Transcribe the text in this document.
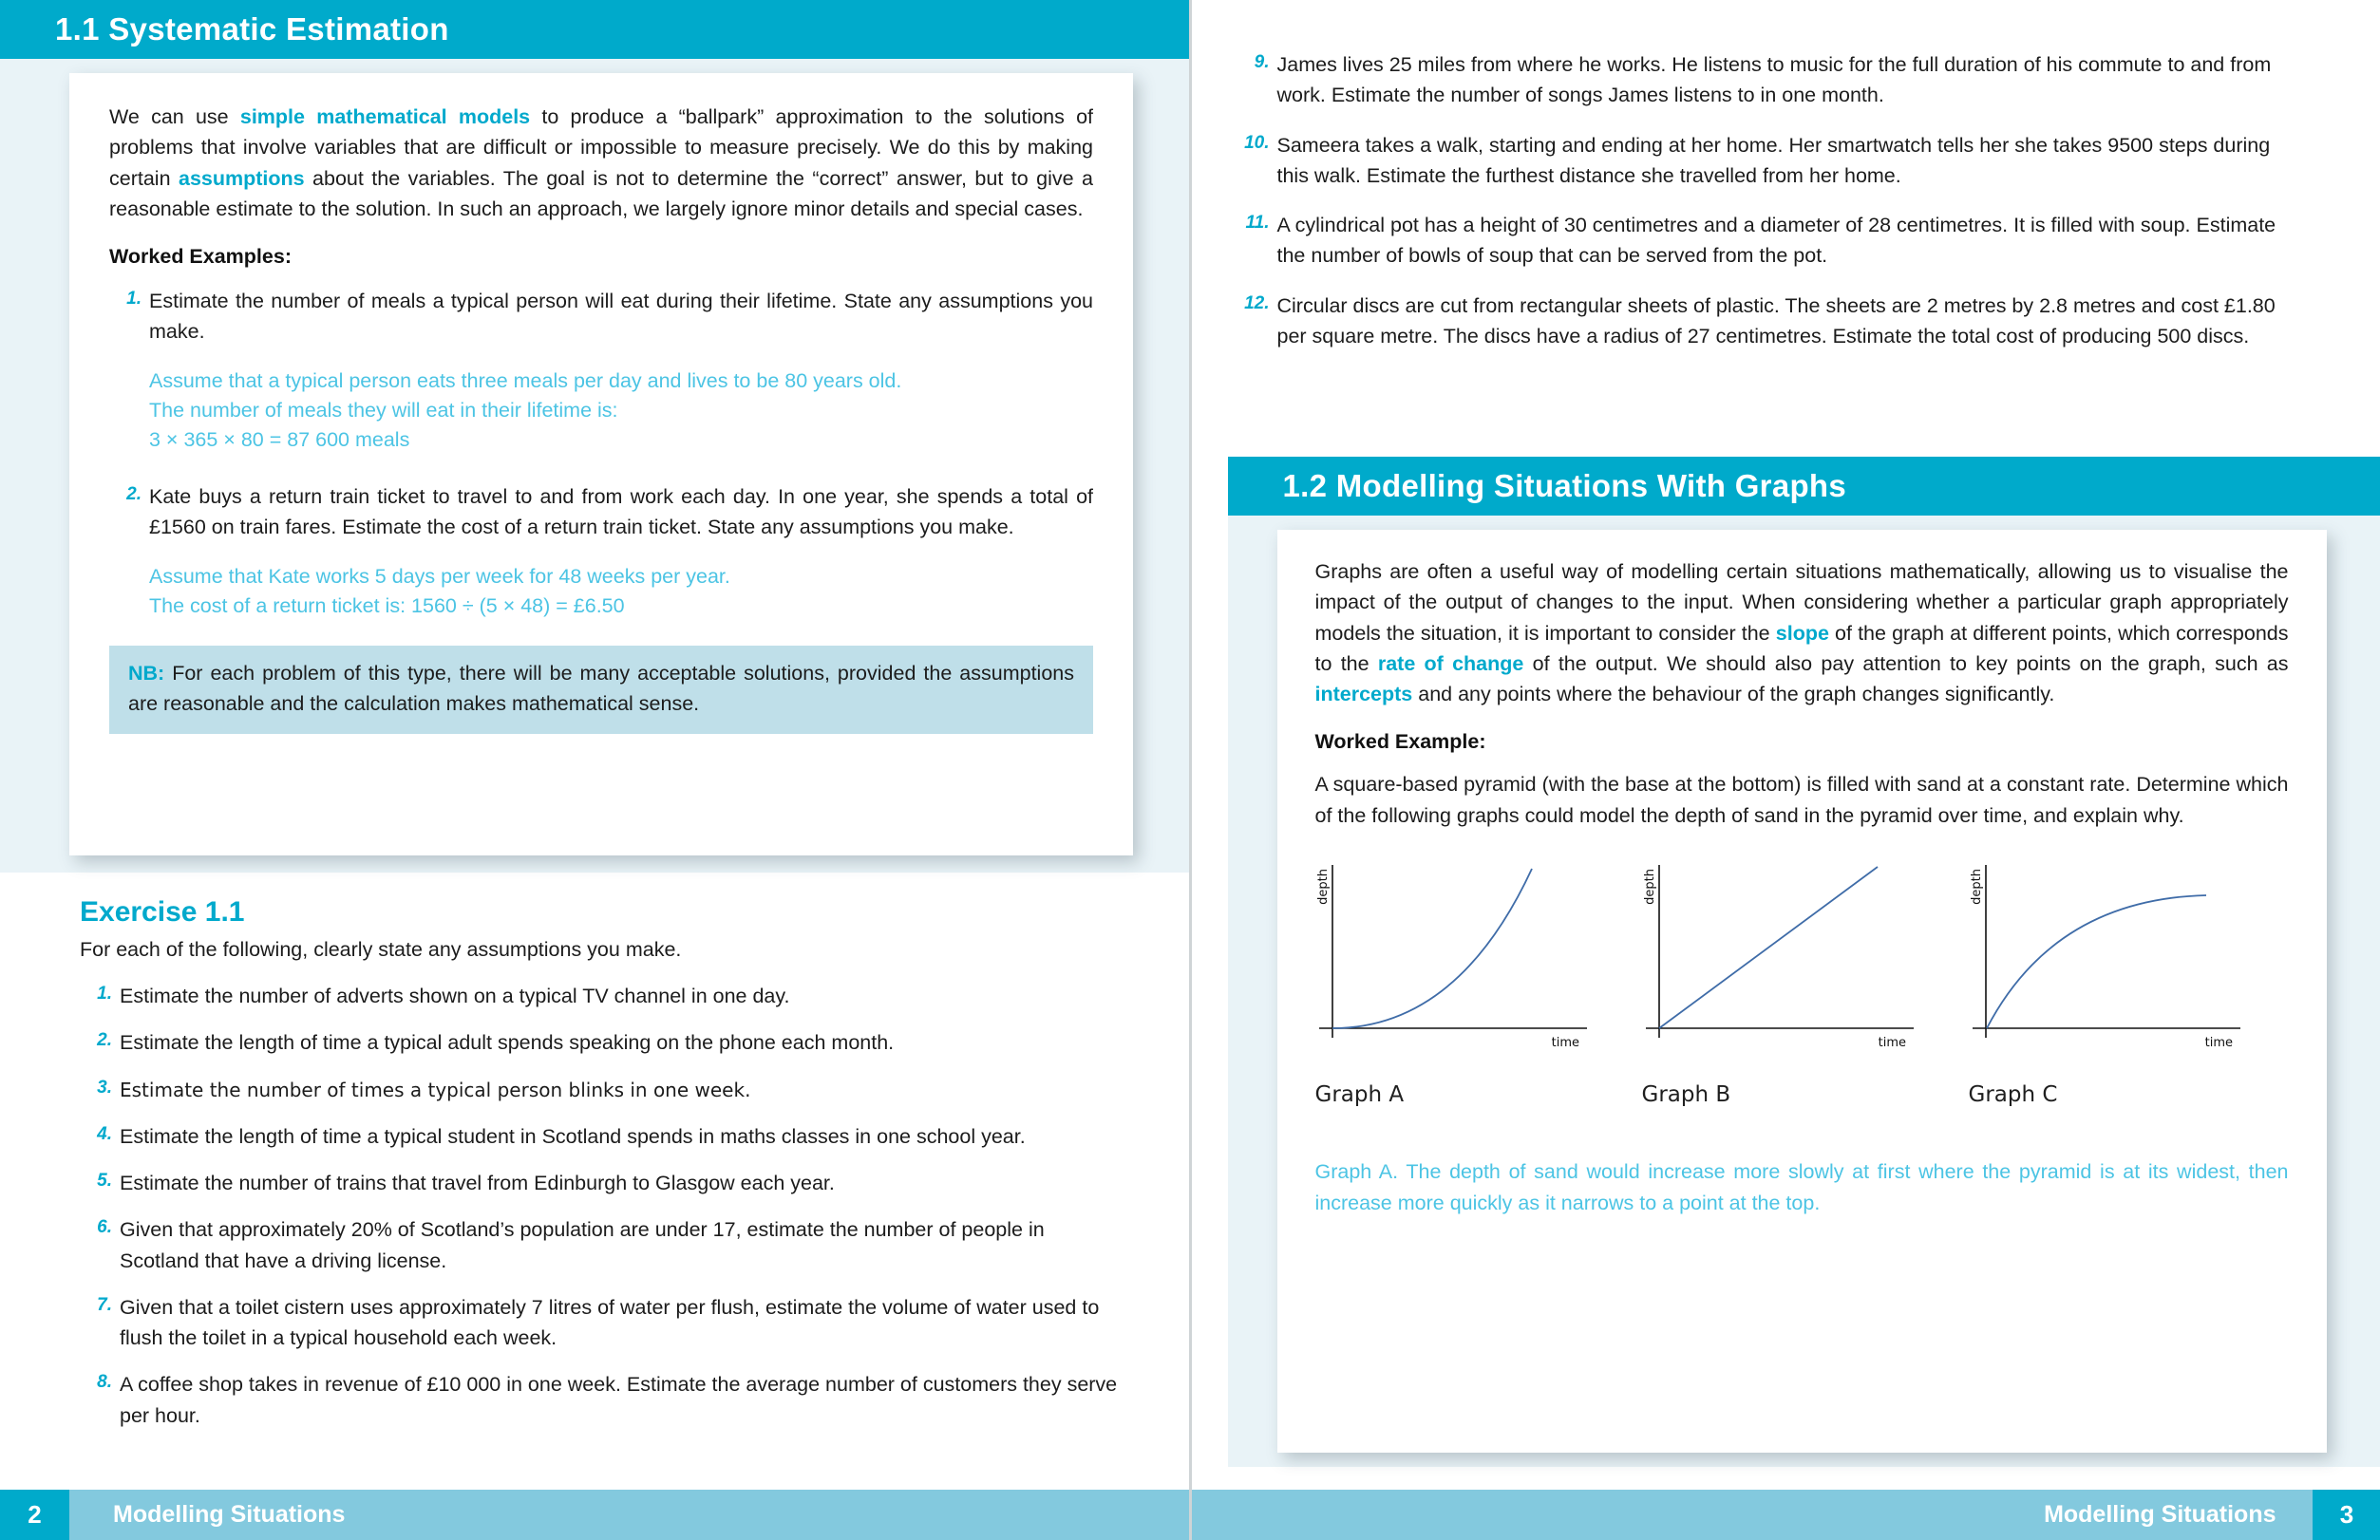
1.1 Systematic Estimation

We can use simple mathematical models to produce a “ballpark” approximation to the solutions of problems that involve variables that are difficult or impossible to measure precisely. We do this by making certain assumptions about the variables. The goal is not to determine the “correct” answer, but to give a reasonable estimate to the solution. In such an approach, we largely ignore minor details and special cases.

Worked Examples:
1. Estimate the number of meals a typical person will eat during their lifetime. State any assumptions you make.
Assume that a typical person eats three meals per day and lives to be 80 years old.
The number of meals they will eat in their lifetime is:
3 × 365 × 80 = 87 600 meals
2. Kate buys a return train ticket to travel to and from work each day. In one year, she spends a total of £1560 on train fares. Estimate the cost of a return train ticket. State any assumptions you make.
Assume that Kate works 5 days per week for 48 weeks per year.
The cost of a return ticket is: 1560 ÷ (5 × 48) = £6.50
NB: For each problem of this type, there will be many acceptable solutions, provided the assumptions are reasonable and the calculation makes mathematical sense.
Exercise 1.1
For each of the following, clearly state any assumptions you make.
1. Estimate the number of adverts shown on a typical TV channel in one day.
2. Estimate the length of time a typical adult spends speaking on the phone each month.
3. Estimate the number of times a typical person blinks in one week.
4. Estimate the length of time a typical student in Scotland spends in maths classes in one school year.
5. Estimate the number of trains that travel from Edinburgh to Glasgow each year.
6. Given that approximately 20% of Scotland’s population are under 17, estimate the number of people in Scotland that have a driving license.
7. Given that a toilet cistern uses approximately 7 litres of water per flush, estimate the volume of water used to flush the toilet in a typical household each week.
8. A coffee shop takes in revenue of £10 000 in one week. Estimate the average number of customers they serve per hour.
2	Modelling Situations
9. James lives 25 miles from where he works. He listens to music for the full duration of his commute to and from work. Estimate the number of songs James listens to in one month.
10. Sameera takes a walk, starting and ending at her home. Her smartwatch tells her she takes 9500 steps during this walk. Estimate the furthest distance she travelled from her home.
11. A cylindrical pot has a height of 30 centimetres and a diameter of 28 centimetres. It is filled with soup. Estimate the number of bowls of soup that can be served from the pot.
12. Circular discs are cut from rectangular sheets of plastic. The sheets are 2 metres by 2.8 metres and cost £1.80 per square metre. The discs have a radius of 27 centimetres. Estimate the total cost of producing 500 discs.
1.2 Modelling Situations With Graphs

Graphs are often a useful way of modelling certain situations mathematically, allowing us to visualise the impact of the output of changes to the input. When considering whether a particular graph appropriately models the situation, it is important to consider the slope of the graph at different points, which corresponds to the rate of change of the output. We should also pay attention to key points on the graph, such as intercepts and any points where the behaviour of the graph changes significantly.

Worked Example:

A square-based pyramid (with the base at the bottom) is filled with sand at a constant rate. Determine which of the following graphs could model the depth of sand in the pyramid over time, and explain why.

depth
time
Graph A
depth
time
Graph B
depth
time
Graph C

Graph A. The depth of sand would increase more slowly at first where the pyramid is at its widest, then increase more quickly as it narrows to a point at the top.

Modelling Situations	3
